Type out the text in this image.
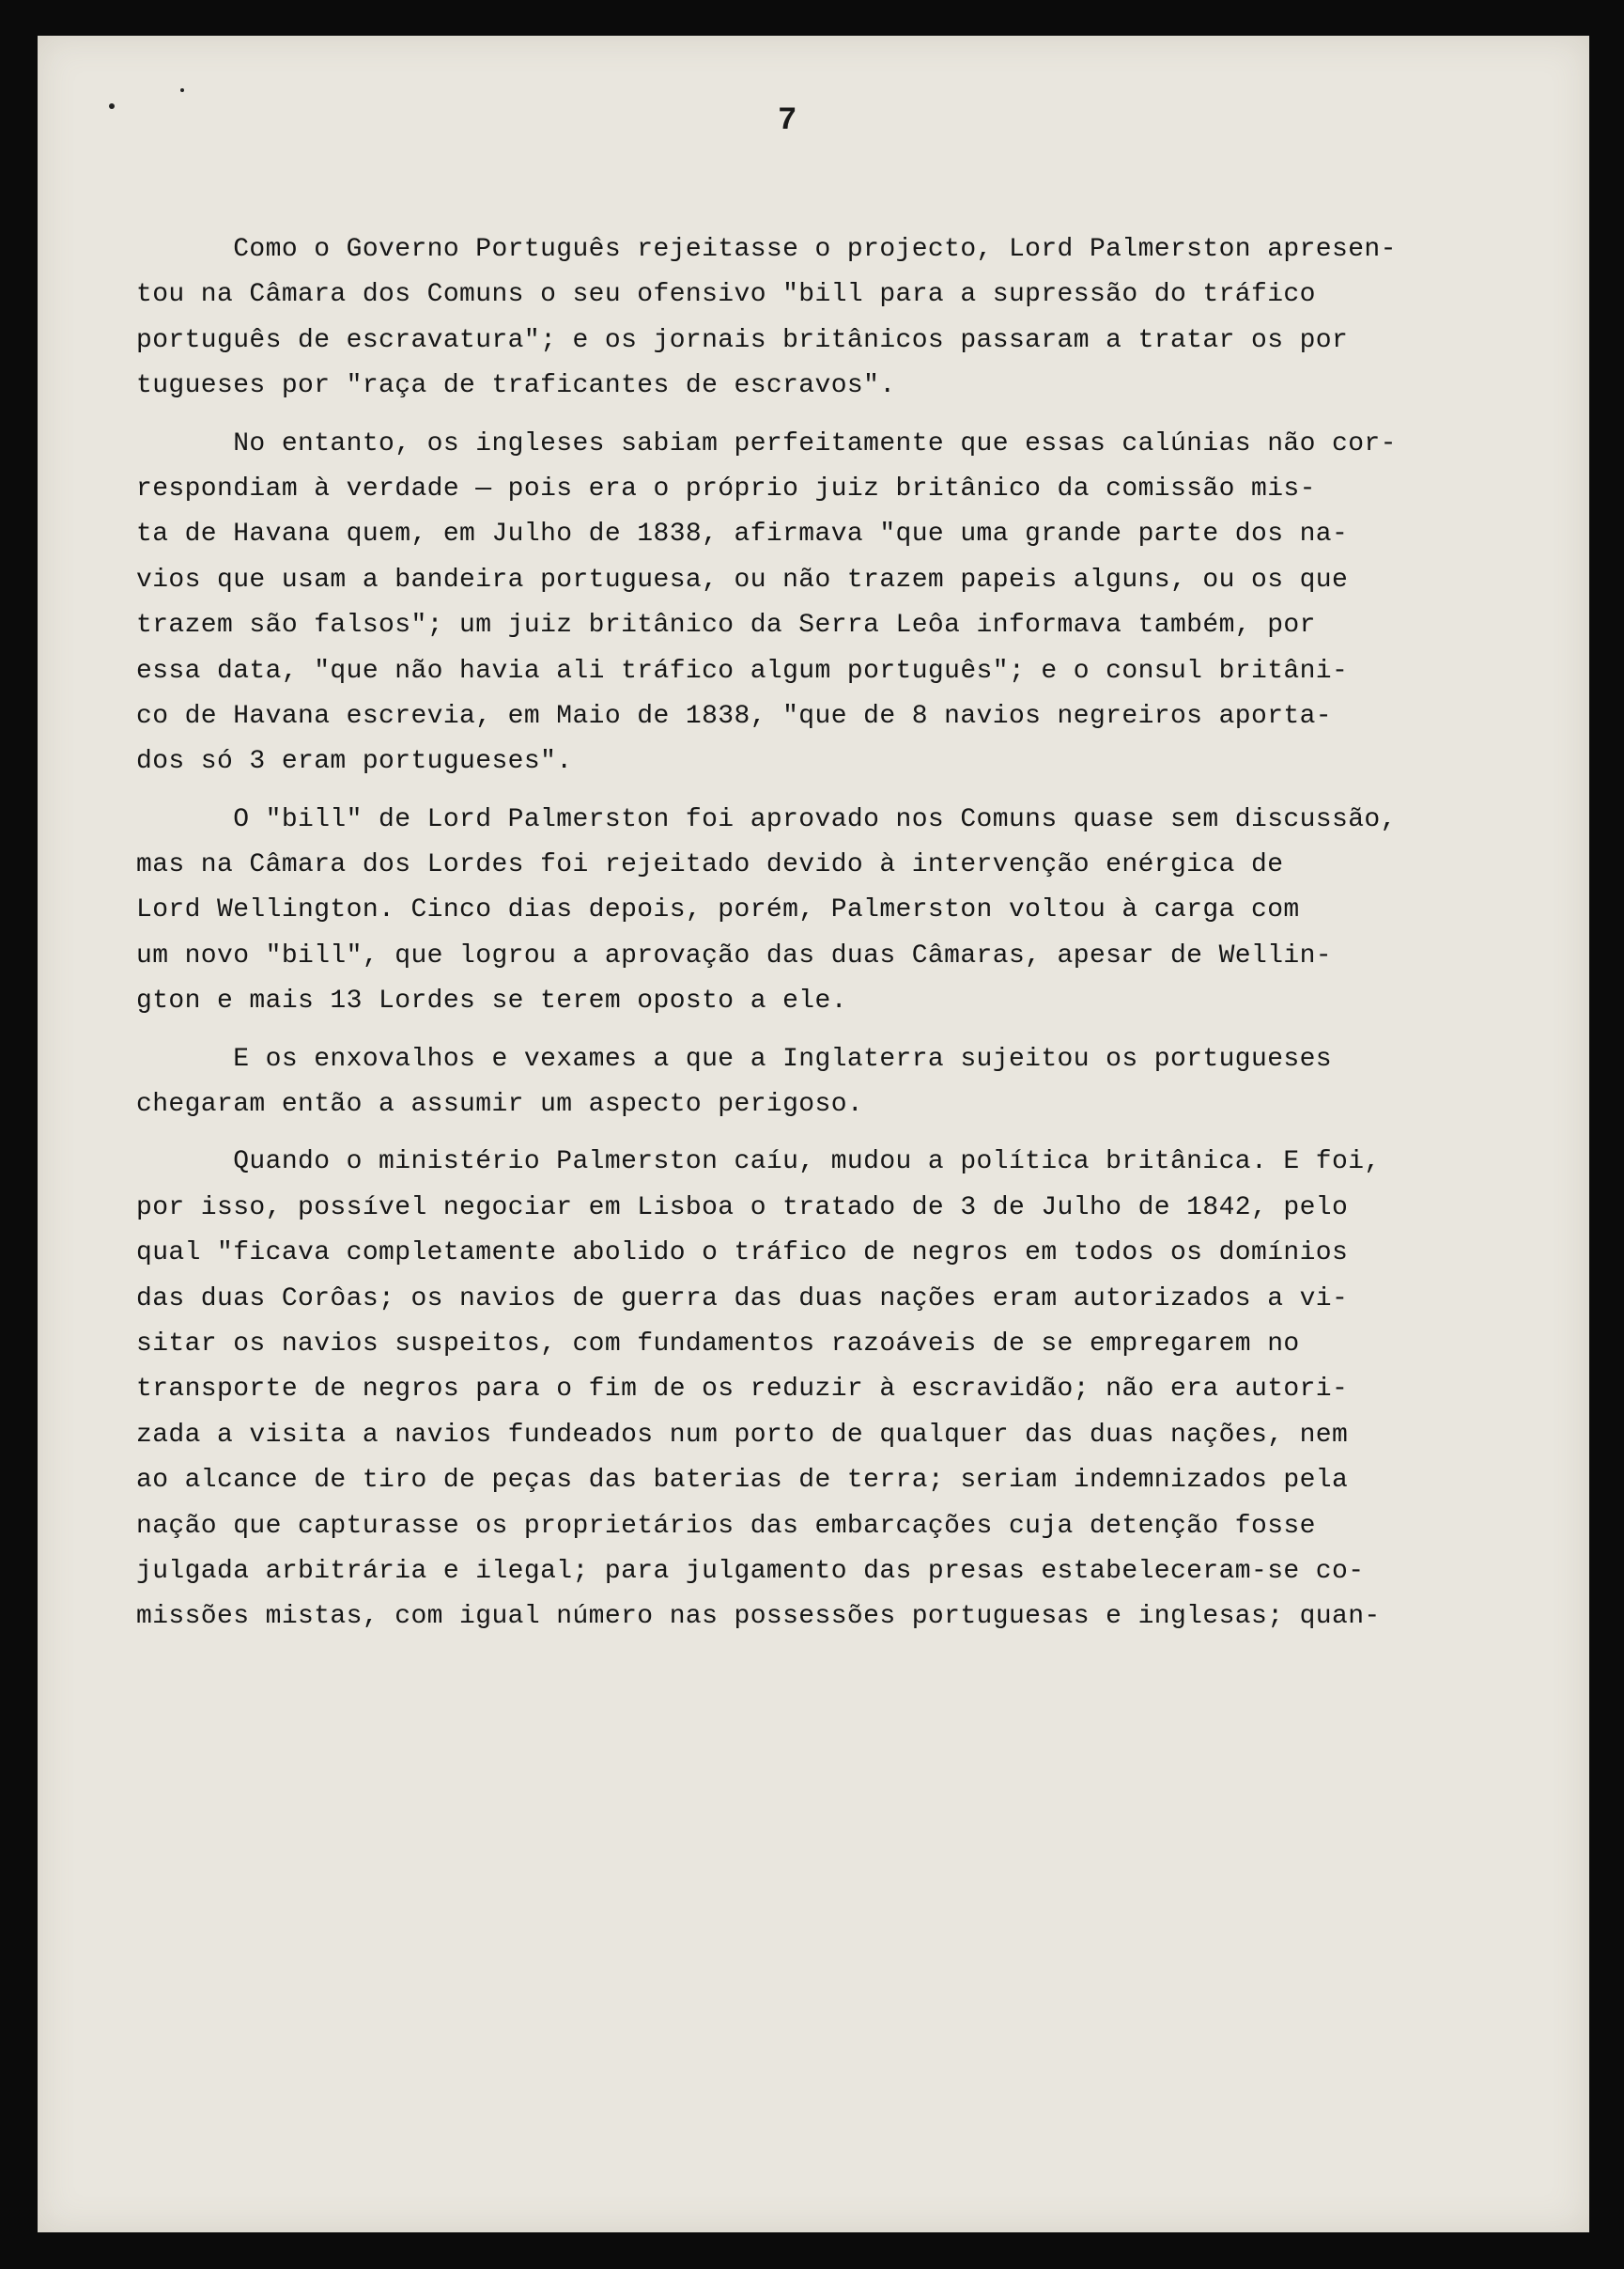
7
Como o Governo Português rejeitasse o projecto, Lord Palmerston apresen-
tou na Câmara dos Comuns o seu ofensivo "bill para a supressão do tráfico
português de escravatura"; e os jornais britânicos passaram a tratar os por
tugueses por "raça de traficantes de escravos".
No entanto, os ingleses sabiam perfeitamente que essas calúnias não cor-
respondiam à verdade — pois era o próprio juiz britânico da comissão mis-
ta de Havana quem, em Julho de 1838, afirmava "que uma grande parte dos na-
vios que usam a bandeira portuguesa, ou não trazem papeis alguns, ou os que
trazem são falsos"; um juiz britânico da Serra Leôa informava também, por
essa data, "que não havia ali tráfico algum português"; e o consul britâni-
co de Havana escrevia, em Maio de 1838, "que de 8 navios negreiros aporta-
dos só 3 eram portugueses".
O "bill" de Lord Palmerston foi aprovado nos Comuns quase sem discussão,
mas na Câmara dos Lordes foi rejeitado devido à intervenção enérgica de
Lord Wellington. Cinco dias depois, porém, Palmerston voltou à carga com
um novo "bill", que logrou a aprovação das duas Câmaras, apesar de Wellin-
gton e mais 13 Lordes se terem oposto a ele.
E os enxovalhos e vexames a que a Inglaterra sujeitou os portugueses
chegaram então a assumir um aspecto perigoso.
Quando o ministério Palmerston caíu, mudou a política britânica. E foi,
por isso, possível negociar em Lisboa o tratado de 3 de Julho de 1842, pelo
qual "ficava completamente abolido o tráfico de negros em todos os domínios
das duas Corôas; os navios de guerra das duas nações eram autorizados a vi-
sitar os navios suspeitos, com fundamentos razoáveis de se empregarem no
transporte de negros para o fim de os reduzir à escravidão; não era autori-
zada a visita a navios fundeados num porto de qualquer das duas nações, nem
ao alcance de tiro de peças das baterias de terra; seriam indemnizados pela
nação que capturasse os proprietários das embarcações cuja detenção fosse
julgada arbitrária e ilegal; para julgamento das presas estabeleceram-se co-
missões mistas, com igual número nas possessões portuguesas e inglesas; quan-
